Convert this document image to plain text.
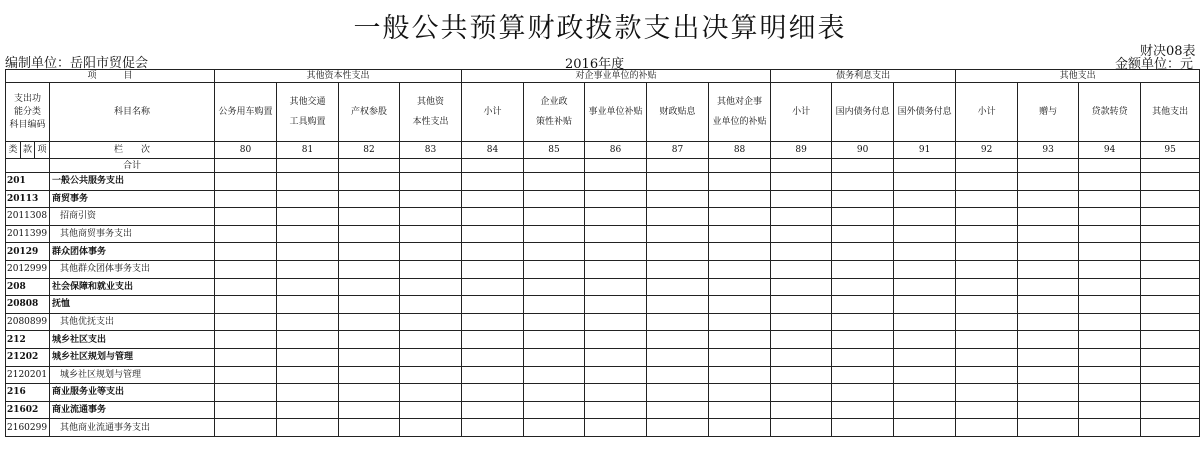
一般公共预算财政拨款支出决算明细表
财决08表
编制单位：岳阳市贸促会	2016年度	金额单位：元
项　　　目				其他资本性支出				对企事业单位的补贴					债务利息支出			其他支出			
支出功
能分类
科目编码			科目名称	公务用车购置	其他交通
工具购置	产权参股	其他资
本性支出	小计	企业政
策性补贴	事业单位补贴	财政贴息	其他对企事
业单位的补贴	小计	国内债务付息	国外债务付息	小计	赠与	贷款转贷	其他支出
类	款	项	栏　　次	80	81	82	83	84	85	86	87	88	89	90	91	92	93	94	95
			合计																
201			一般公共服务支出																
20113			商贸事务																
2011308			招商引资																
2011399			其他商贸事务支出																
20129			群众团体事务																
2012999			其他群众团体事务支出																
208			社会保障和就业支出																
20808			抚恤																
2080899			其他优抚支出																
212			城乡社区支出																
21202			城乡社区规划与管理																
2120201			城乡社区规划与管理																
216			商业服务业等支出																
21602			商业流通事务																
2160299			其他商业流通事务支出																
